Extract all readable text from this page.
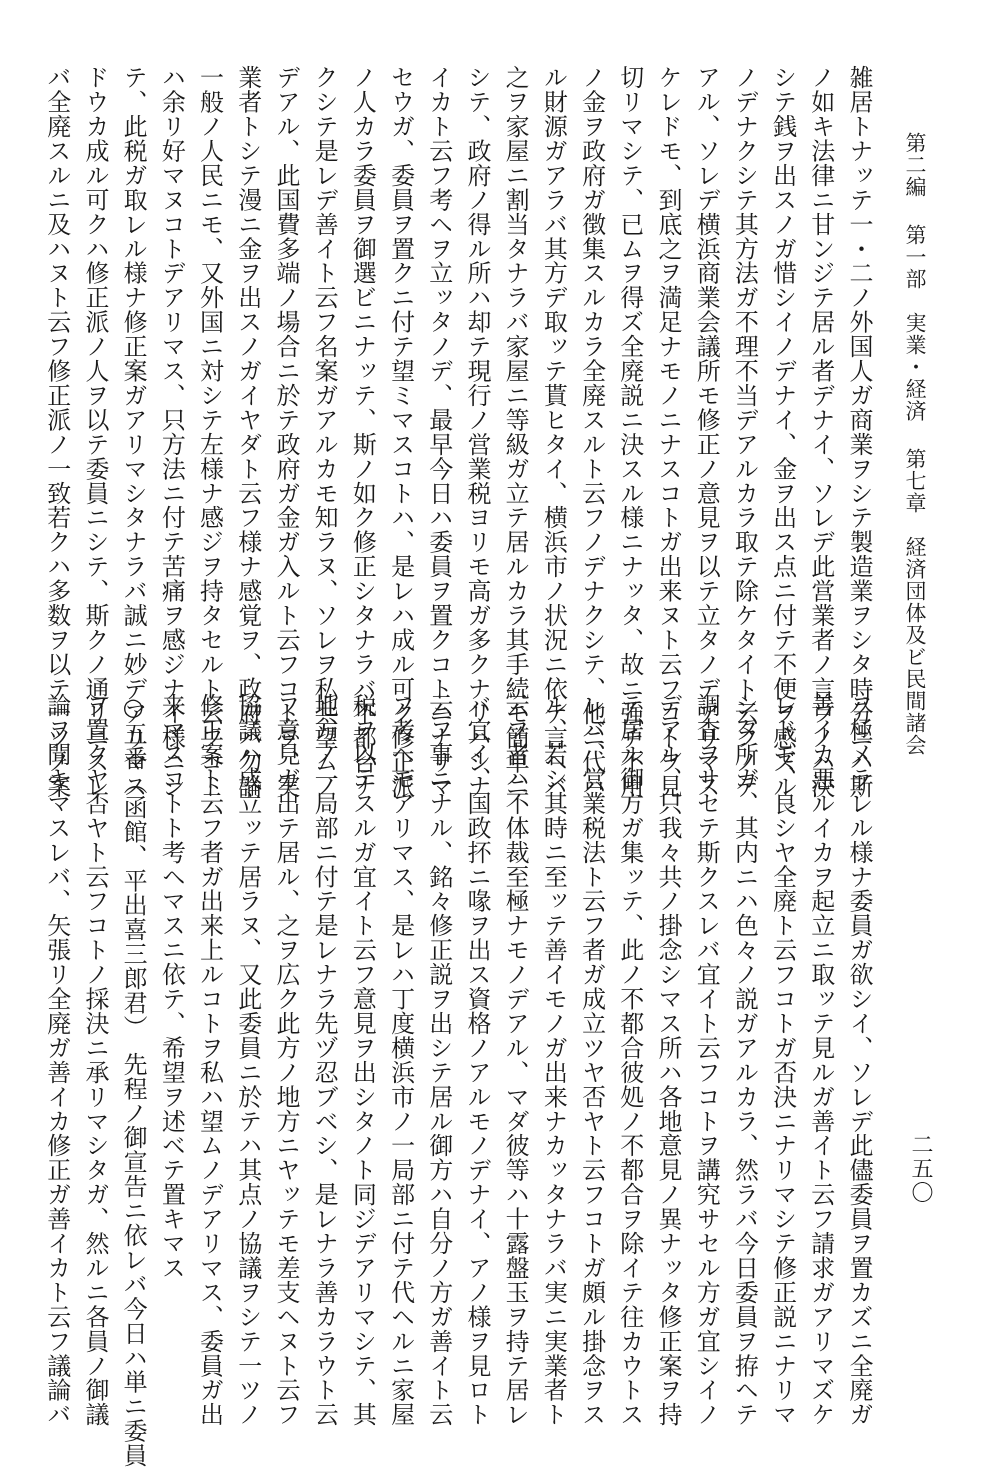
第二編第一部　実業・経済第七章　経済団体及ビ民間諸会
二五〇
雑居トナッテ一・二ノ外国人ガ商業ヲシテ製造業ヲシタ時分ニハ斯
ノ如キ法律ニ甘ンジテ居ル者デナイ、ソレデ此営業者ノ言フノハ決
シテ銭ヲ出スノガ惜シイノデナイ、金ヲ出ス点ニ付テ不便ヲ感ズル
ノデナクシテ其方法ガ不理不当デアルカラ取テ除ケタイト云フノデ
アル、ソレデ横浜商業会議所モ修正ノ意見ヲ以テ立タノデアリマス
ケレドモ、到底之ヲ満足ナモノニナスコトガ出来ヌト云フコトヲ見
切リマシテ、已ムヲ得ズ全廃説ニ決スル様ニナッタ、故ニ強チ不用
ノ金ヲ政府ガ徴集スルカラ全廃スルト云フノデナクシテ、他ニ代ハ
ル財源ガアラバ其方デ取ッテ貰ヒタイ、横浜市ノ状況ニ依テ言ヘバ
之ヲ家屋ニ割当タナラバ家屋ニ等級ガ立テ居ルカラ其手続モ簡単ニ
シテ、政府ノ得ル所ハ却テ現行ノ営業税ヨリモ高ガ多クナリハシナ
イカト云フ考ヘヲ立ッタノデ、最早今日ハ委員ヲ置クコトニナリマ
セウガ、委員ヲ置クニ付テ望ミマスコトハ、是レハ成ル可ク修正派
ノ人カラ委員ヲ御選ビニナッテ、斯ノ如ク修正シタナラバ不都合ナ
クシテ是レデ善イト云フ名案ガアルカモ知ラヌ、ソレヲ私共望ムノ
デアル、此国費多端ノ場合ニ於テ政府ガ金ガ入ルト云フコトヲ、実
業者トシテ漫ニ金ヲ出スノガイヤダト云フ様ナ感覚ヲ、政府ハ勿論
一般ノ人民ニモ、又外国ニ対シテ左様ナ感ジヲ持タセルト云フコト
ハ余リ好マヌコトデアリマス、只方法ニ付テ苦痛ヲ感ジナイ様ニシ
テ、此税ガ取レル様ナ修正案ガアリマシタナラバ誠ニ妙デアリマス
ドウカ成ル可クハ修正派ノ人ヲ以テ委員ニシテ、斯クノ通リニスレ
バ全廃スルニ及ハヌト云フ修正派ノ一致若クハ多数ヲ以テ一ツノ案
ヲ極メラレル様ナ委員ガ欲シイ、ソレデ此儘委員ヲ置カズニ全廃ガ
善イカ悪ルイカヲ起立ニ取ッテ見ルガ善イト云フ請求ガアリマズケ
レドモ、良シヤ全廃ト云フコトガ否決ニナリマシテ修正説ニナリマ
シタ所ガ、其内ニハ色々ノ説ガアルカラ、然ラバ今日委員ヲ拵ヘテ
調査ヲサセテ斯クスレバ宜イト云フコトヲ講究サセル方ガ宜シイノ
デアル、只我々共ノ掛念シマス所ハ各地意見ノ異ナッタ修正案ヲ持
テ居ル御方ガ集ッテ、此ノ不都合彼処ノ不都合ヲ除イテ往カウトス
レバ、営業税法ト云フ者ガ成立ツヤ否ヤト云フコトガ頗ル掛念ヲス
ル、若シ其時ニ至ッテ善イモノガ出来ナカッタナラバ実ニ実業者ト
云フ者ハ不体裁至極ナモノデアル、マダ彼等ハ十露盤玉ヲ持テ居レ
バ宜イ、国政抔ニ喙ヲ出ス資格ノアルモノデナイ、アノ様ヲ見ロト
云フ事ニナル、銘々修正説ヲ出シテ居ル御方ハ自分ノ方ガ善イト云
フ考ヘモアリマス、是レハ丁度横浜市ノ一局部ニ付テ代ヘルニ家屋
税ヲ以テスルガ宜イト云フ意見ヲ出シタノト同ジデアリマシテ、其
地方ノ一局部ニ付テ是レナラ先ヅ忍ブベシ、是レナラ善カラウト云
フ意見ガ出テ居ル、之ヲ広ク此方ノ地方ニヤッテモ差支ヘヌト云フ
協議ハ成立ッテ居ラヌ、又此委員ニ於テハ其点ノ協議ヲシテ一ツノ
修正案ト云フ者ガ出来上ルコトヲ私ハ望ムノデアリマス、委員ガ出
来マスコトト考ヘマスニ依テ、希望ヲ述ベテ置キマス
○五番（函館、平出喜三郎君）　先程ノ御宣告ニ依レバ今日ハ単ニ委員
ヲ置クヤ否ヤト云フコトノ採決ニ承リマシタガ、然ルニ各員ノ御議
論ヲ聞キマスレバ、矢張リ全廃ガ善イカ修正ガ善イカト云フ議論バ
